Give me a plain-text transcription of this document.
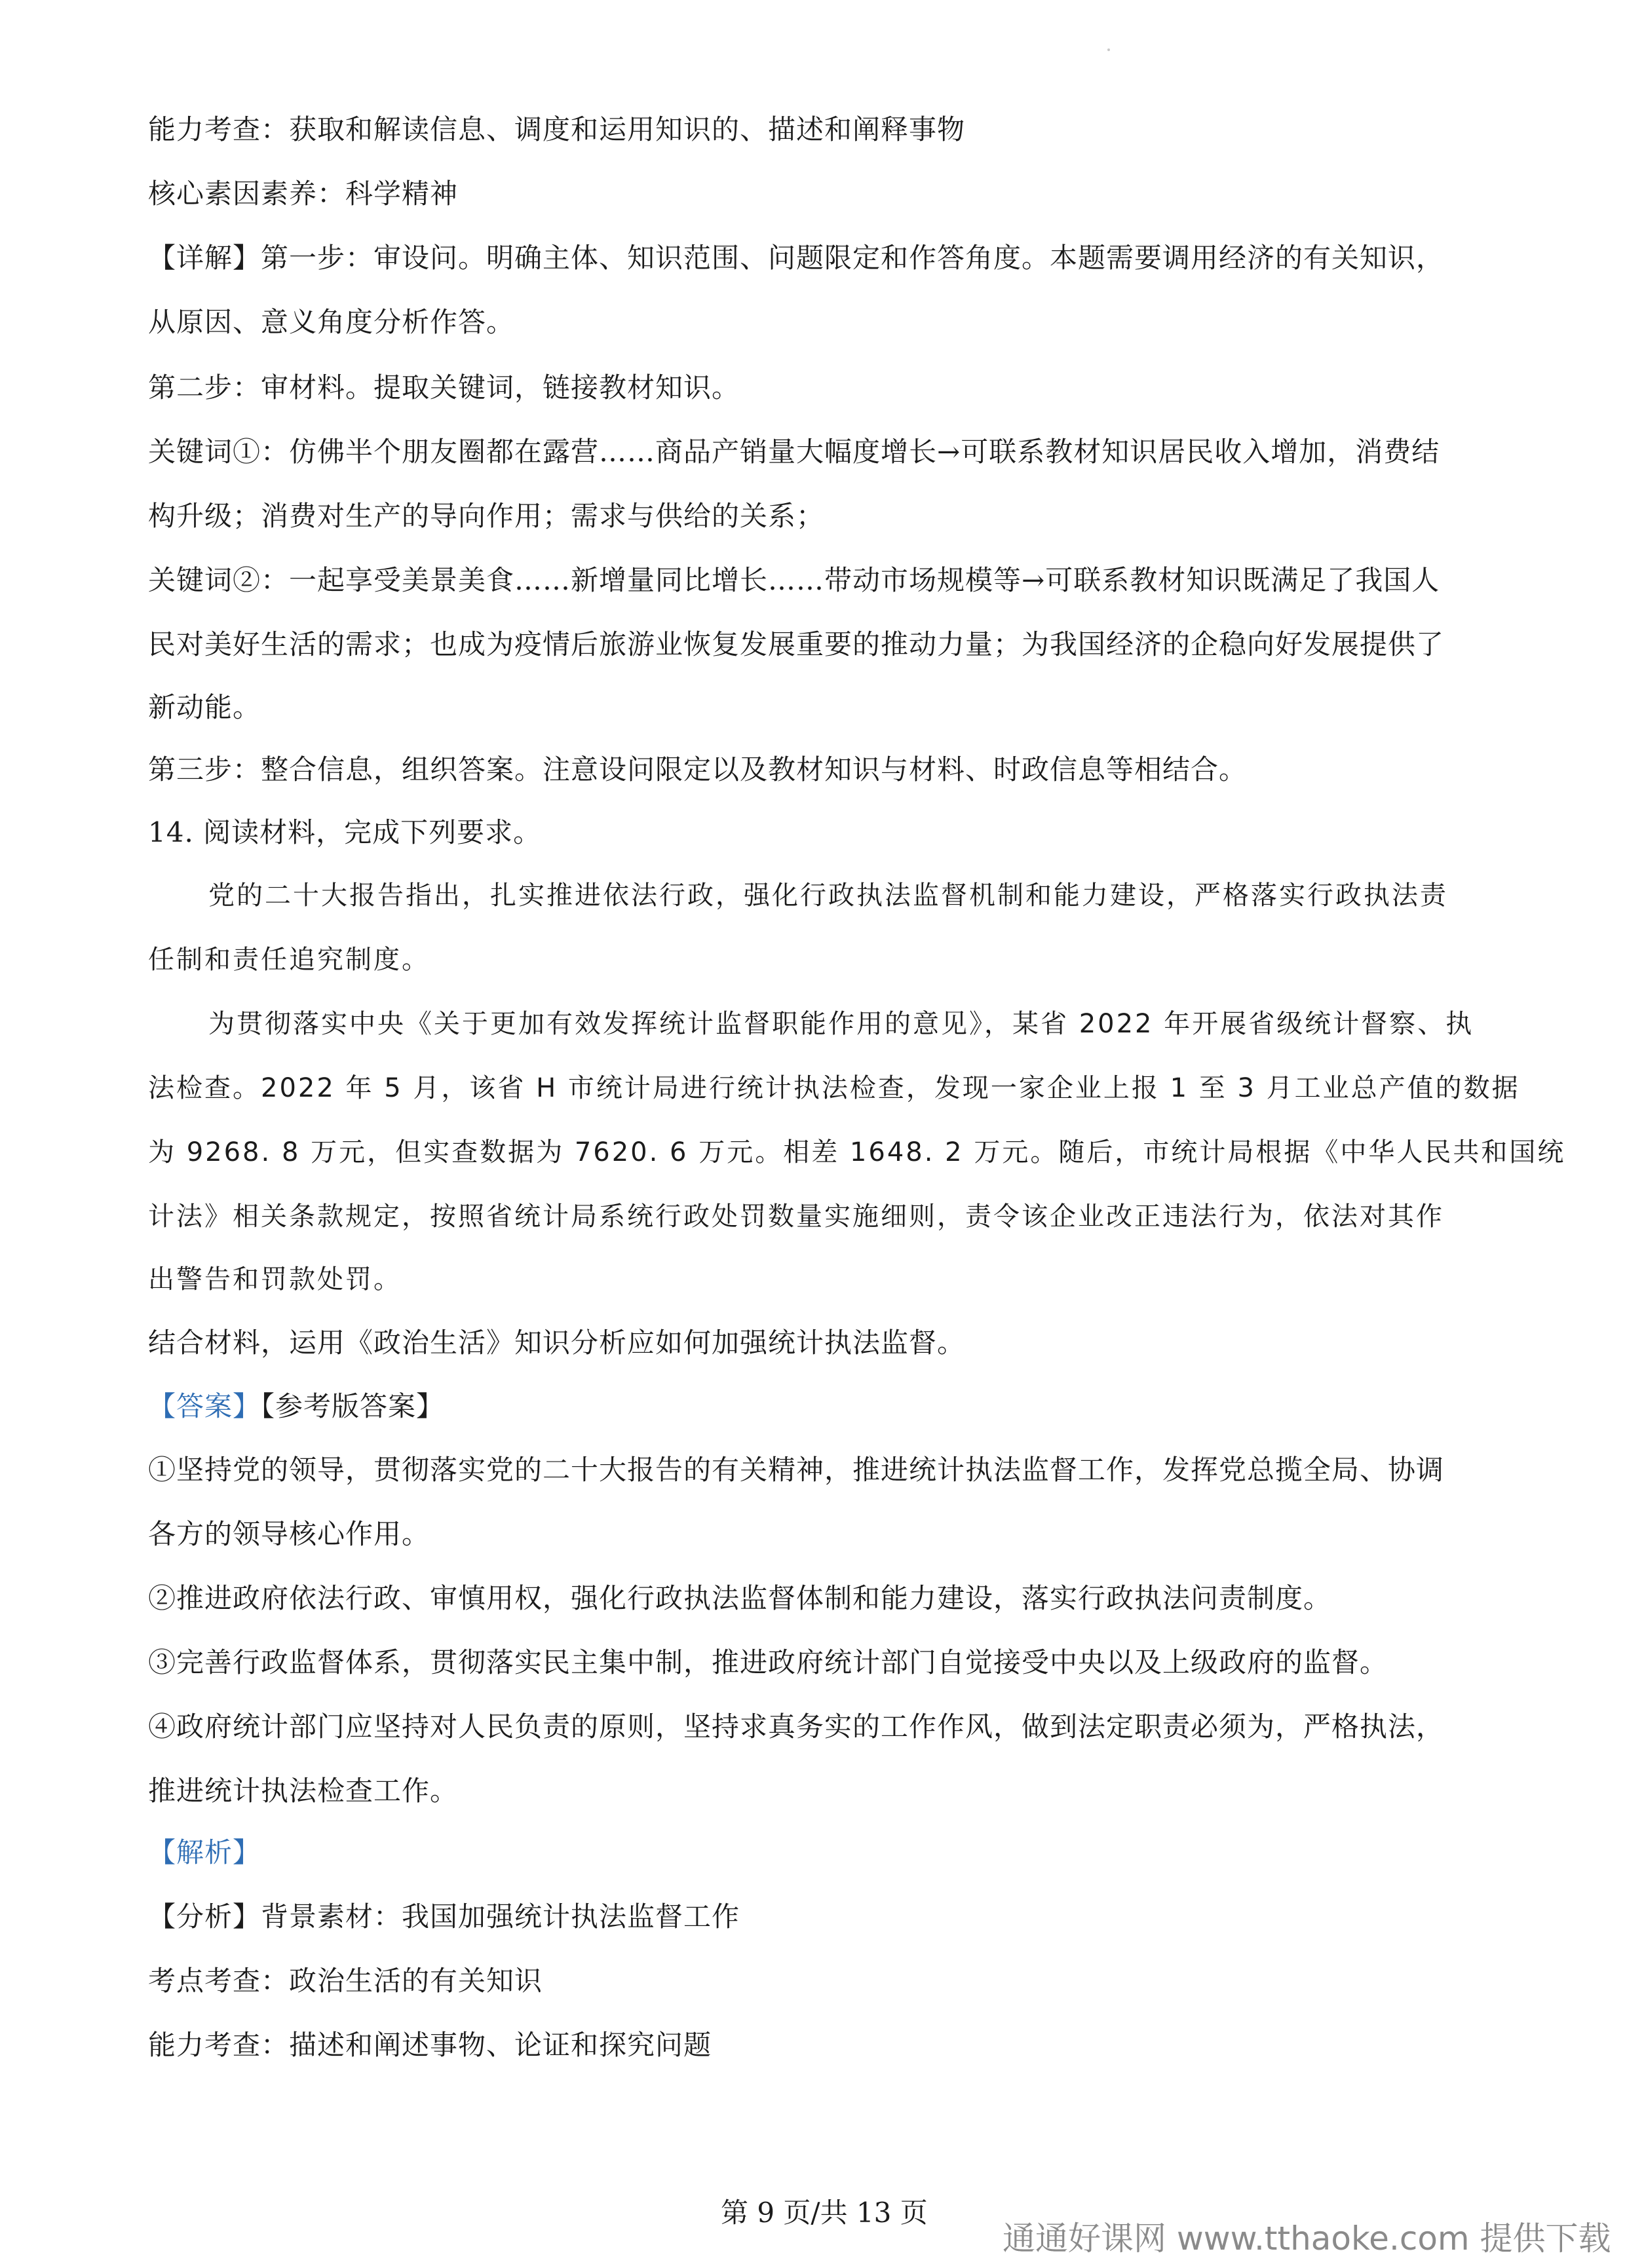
能力考查：获取和解读信息、调度和运用知识的、描述和阐释事物
核心素因素养：科学精神
【详解】第一步：审设问。明确主体、知识范围、问题限定和作答角度。本题需要调用经济的有关知识，
从原因、意义角度分析作答。
第二步：审材料。提取关键词，链接教材知识。
关键词①：仿佛半个朋友圈都在露营……商品产销量大幅度增长→可联系教材知识居民收入增加，消费结
构升级；消费对生产的导向作用；需求与供给的关系；
关键词②：一起享受美景美食……新增量同比增长……带动市场规模等→可联系教材知识既满足了我国人
民对美好生活的需求；也成为疫情后旅游业恢复发展重要的推动力量；为我国经济的企稳向好发展提供了
新动能。
第三步：整合信息，组织答案。注意设问限定以及教材知识与材料、时政信息等相结合。
14. 阅读材料，完成下列要求。
党的二十大报告指出，扎实推进依法行政，强化行政执法监督机制和能力建设，严格落实行政执法责
任制和责任追究制度。
为贯彻落实中央《关于更加有效发挥统计监督职能作用的意见》，某省 2022 年开展省级统计督察、执
法检查。2022 年 5 月，该省 H 市统计局进行统计执法检查，发现一家企业上报 1 至 3 月工业总产值的数据
为 9268. 8 万元，但实查数据为 7620. 6 万元。相差 1648. 2 万元。随后，市统计局根据《中华人民共和国统
计法》相关条款规定，按照省统计局系统行政处罚数量实施细则，责令该企业改正违法行为，依法对其作
出警告和罚款处罚。
结合材料，运用《政治生活》知识分析应如何加强统计执法监督。
【答案】【参考版答案】
①坚持党的领导，贯彻落实党的二十大报告的有关精神，推进统计执法监督工作，发挥党总揽全局、协调
各方的领导核心作用。
②推进政府依法行政、审慎用权，强化行政执法监督体制和能力建设，落实行政执法问责制度。
③完善行政监督体系，贯彻落实民主集中制，推进政府统计部门自觉接受中央以及上级政府的监督。
④政府统计部门应坚持对人民负责的原则，坚持求真务实的工作作风，做到法定职责必须为，严格执法，
推进统计执法检查工作。
【解析】
【分析】背景素材：我国加强统计执法监督工作
考点考查：政治生活的有关知识
能力考查：描述和阐述事物、论证和探究问题
第 9 页/共 13 页
通通好课网 www.tthaoke.com 提供下载
